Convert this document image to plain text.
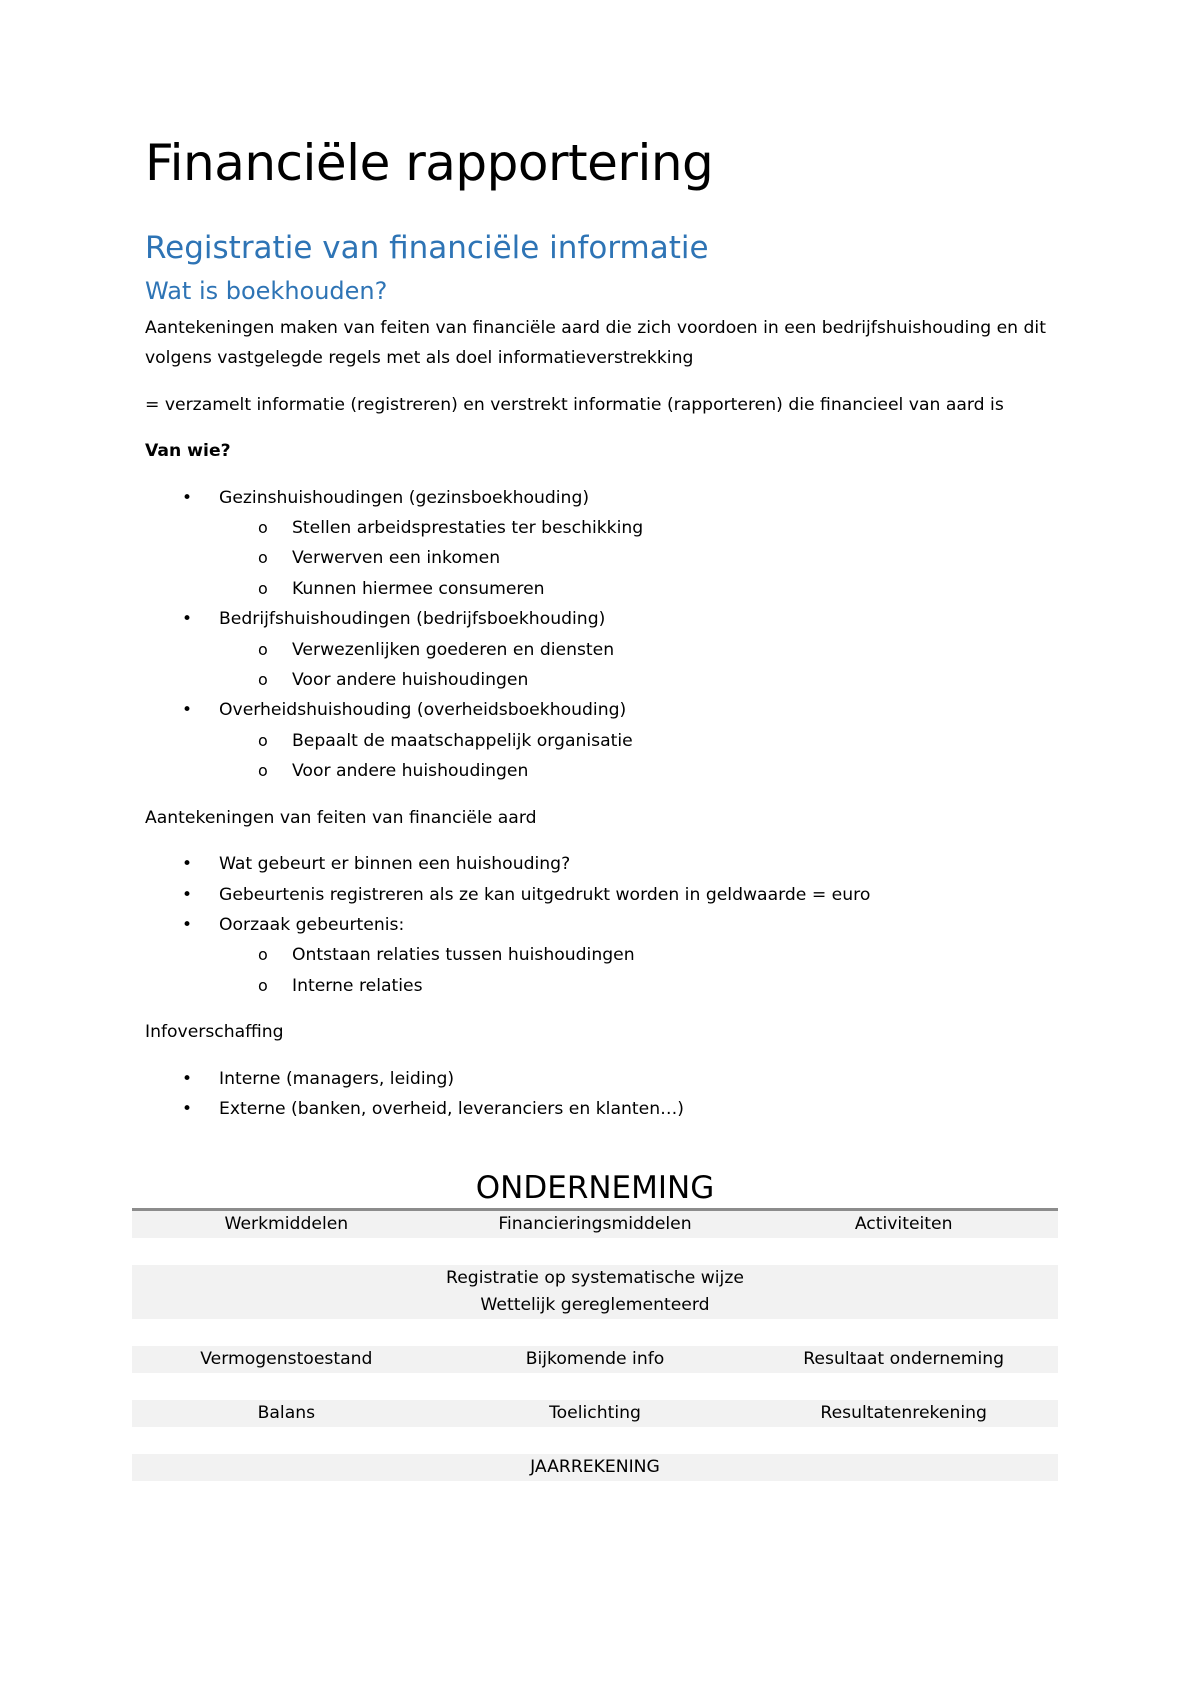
Financiële rapportering
Registratie van financiële informatie
Wat is boekhouden?

Aantekeningen maken van feiten van financiële aard die zich voordoen in een bedrijfshuishouding en dit volgens vastgelegde regels met als doel informatieverstrekking

= verzamelt informatie (registreren) en verstrekt informatie (rapporteren) die financieel van aard is

Van wie?

• Gezinshuishoudingen (gezinsboekhouding)
o Stellen arbeidsprestaties ter beschikking
o Verwerven een inkomen
o Kunnen hiermee consumeren
• Bedrijfshuishoudingen (bedrijfsboekhouding)
o Verwezenlijken goederen en diensten
o Voor andere huishoudingen
• Overheidshuishouding (overheidsboekhouding)
o Bepaalt de maatschappelijk organisatie
o Voor andere huishoudingen

Aantekeningen van feiten van financiële aard

• Wat gebeurt er binnen een huishouding?
• Gebeurtenis registreren als ze kan uitgedrukt worden in geldwaarde = euro
• Oorzaak gebeurtenis:
o Ontstaan relaties tussen huishoudingen
o Interne relaties

Infoverschaffing

• Interne (managers, leiding)
• Externe (banken, overheid, leveranciers en klanten…)
ONDERNEMING
Werkmiddelen	Financieringsmiddelen	Activiteiten
Registratie op systematische wijze
Wettelijk gereglementeerd
Vermogenstoestand	Bijkomende info	Resultaat onderneming
Balans	Toelichting	Resultatenrekening
JAARREKENING
